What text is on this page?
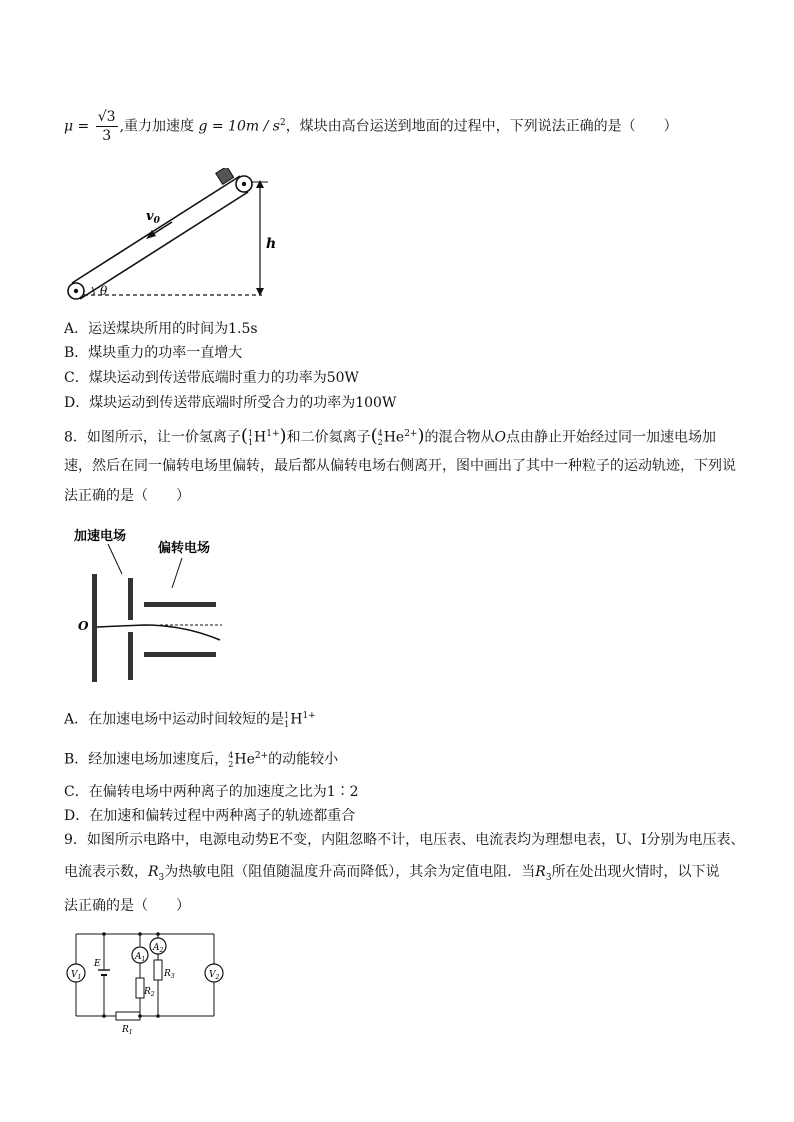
$\mu = \frac{√3}{3}$ ,重力加速度 $g = 10m / s^2$，煤块由高台运送到地面的过程中，下列说法正确的是（　　）
h
$v_0$
θ
A．运送煤块所用的时间为1.5s
B．煤块重力的功率一直增大
C．煤块运动到传送带底端时重力的功率为50W
D．煤块运动到传送带底端时所受合力的功率为100W
8．如图所示，让一价氢离子( 1
1 $H^{1+}$)和二价氦离子( 4
2 $He^{2+}$)的混合物从O点由静止开始经过同一加速电场加
速，然后在同一偏转电场里偏转，最后都从偏转电场右侧离开，图中画出了其中一种粒子的运动轨迹，下列说
法正确的是（　　）
加速电场
偏转电场
O
A．在加速电场中运动时间较短的是 1
1 $H^{1+}$
B．经加速电场加速度后， 4
2 $He^{2+}$的动能较小
C．在偏转电场中两种离子的加速度之比为1∶2
D．在加速和偏转过程中两种离子的轨迹都重合
9．如图所示电路中，电源电动势E不变，内阻忽略不计，电压表、电流表均为理想电表，U、I分别为电压表、
电流表示数，$R_3$为热敏电阻（阻值随温度升高而降低），其余为定值电阻．当$R_3$所在处出现火情时，以下说
法正确的是（　　）
$V_1$	$V_2$
E
$A_1$
$R_2$
$A_2$
$R_3$
$R_1$
